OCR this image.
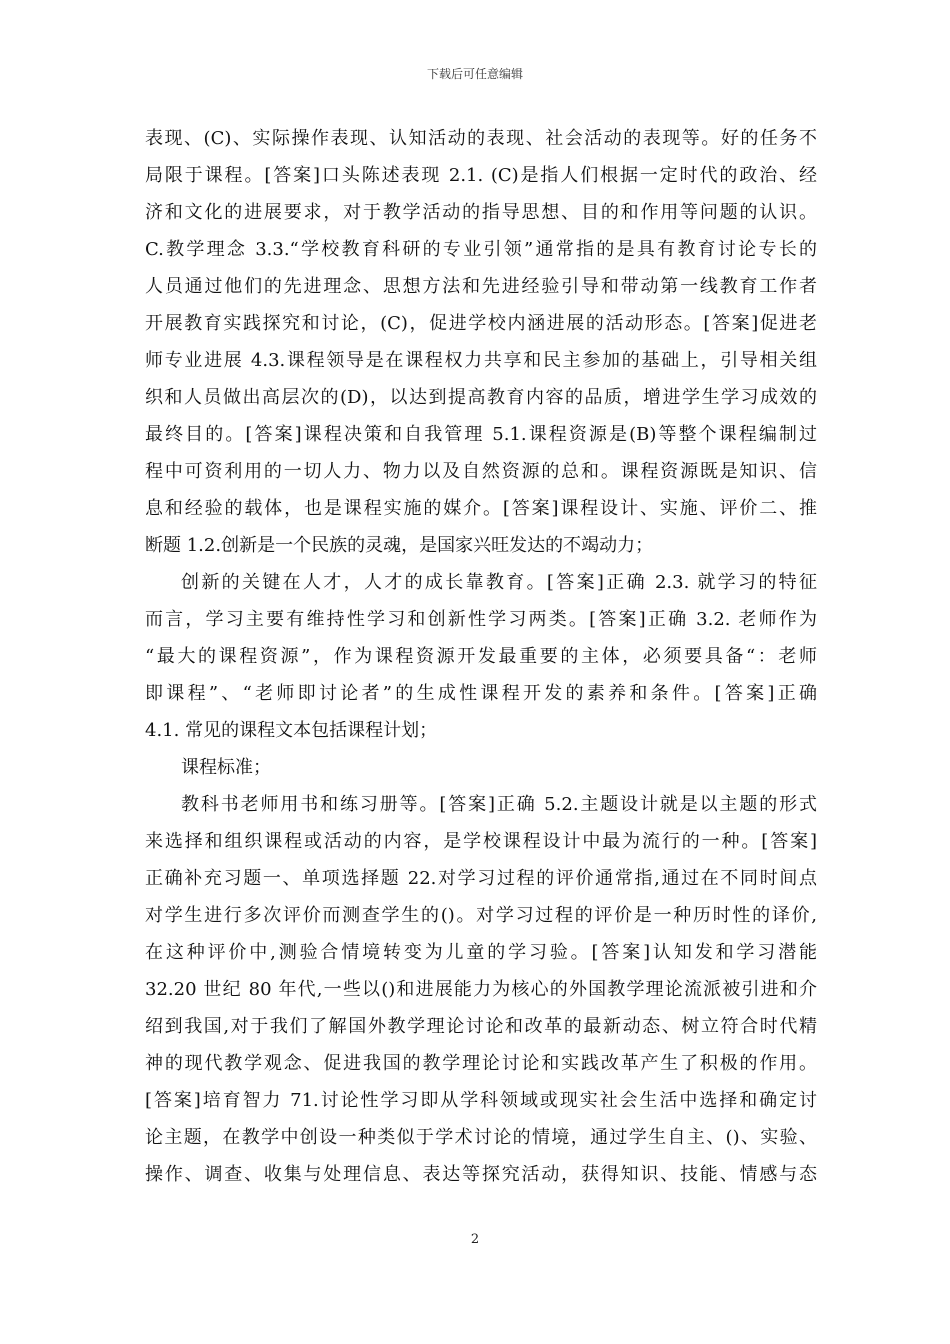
下载后可任意编辑
表现、(C)、实际操作表现、认知活动的表现、社会活动的表现等。好的任务不
局限于课程。[答案]口头陈述表现 2.1. (C)是指人们根据一定时代的政治、经
济和文化的进展要求，对于教学活动的指导思想、目的和作用等问题的认识。
C.教学理念 3.3.“学校教育科研的专业引领”通常指的是具有教育讨论专长的
人员通过他们的先进理念、思想方法和先进经验引导和带动第一线教育工作者
开展教育实践探究和讨论，(C)，促进学校内涵进展的活动形态。[答案]促进老
师专业进展 4.3.课程领导是在课程权力共享和民主参加的基础上，引导相关组
织和人员做出高层次的(D)，以达到提高教育内容的品质，增进学生学习成效的
最终目的。[答案]课程决策和自我管理 5.1.课程资源是(B)等整个课程编制过
程中可资利用的一切人力、物力以及自然资源的总和。课程资源既是知识、信
息和经验的载体，也是课程实施的媒介。[答案]课程设计、实施、评价二、推
断题 1.2.创新是一个民族的灵魂，是国家兴旺发达的不竭动力；
创新的关键在人才，人才的成长靠教育。[答案]正确 2.3. 就学习的特征
而言，学习主要有维持性学习和创新性学习两类。[答案]正确 3.2. 老师作为
“最大的课程资源”，作为课程资源开发最重要的主体，必须要具备“：老师
即课程”、“老师即讨论者”的生成性课程开发的素养和条件。[答案]正确
4.1. 常见的课程文本包括课程计划；
课程标准；
教科书老师用书和练习册等。[答案]正确 5.2.主题设计就是以主题的形式
来选择和组织课程或活动的内容，是学校课程设计中最为流行的一种。[答案]
正确补充习题一、单项选择题 22.对学习过程的评价通常指,通过在不同时间点
对学生进行多次评价而测查学生的()。对学习过程的评价是一种历时性的译价,
在这种评价中,测验合情境转变为儿童的学习验。[答案]认知发和学习潜能
32.20 世纪 80 年代,一些以()和进展能力为核心的外国教学理论流派被引进和介
绍到我国,对于我们了解国外教学理论讨论和改革的最新动态、树立符合时代精
神的现代教学观念、促进我国的教学理论讨论和实践改革产生了积极的作用。
[答案]培育智力 71.讨论性学习即从学科领域或现实社会生活中选择和确定讨
论主题，在教学中创设一种类似于学术讨论的情境，通过学生自主、()、实验、
操作、调查、收集与处理信息、表达等探究活动，获得知识、技能、情感与态
2
